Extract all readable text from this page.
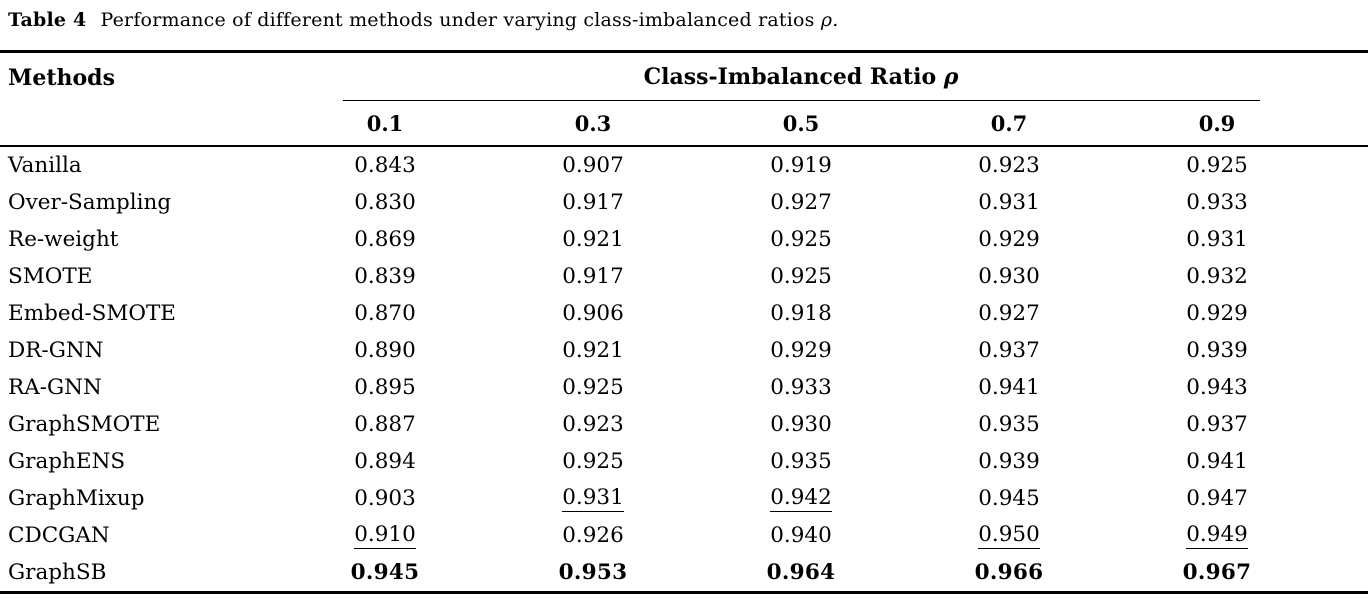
Table 4 Performance of different methods under varying class-imbalanced ratios ρ.
Methods	Class-Imbalanced Ratio ρ				

	0.1	0.3	0.5	0.7	0.9	
Vanilla	0.843	0.907	0.919	0.923	0.925	
Over-Sampling	0.830	0.917	0.927	0.931	0.933	
Re-weight	0.869	0.921	0.925	0.929	0.931	
SMOTE	0.839	0.917	0.925	0.930	0.932	
Embed-SMOTE	0.870	0.906	0.918	0.927	0.929	
DR-GNN	0.890	0.921	0.929	0.937	0.939	
RA-GNN	0.895	0.925	0.933	0.941	0.943	
GraphSMOTE	0.887	0.923	0.930	0.935	0.937	
GraphENS	0.894	0.925	0.935	0.939	0.941	
GraphMixup	0.903	0.931	0.942	0.945	0.947	
CDCGAN	0.910	0.926	0.940	0.950	0.949	
GraphSB	0.945	0.953	0.964	0.966	0.967	
